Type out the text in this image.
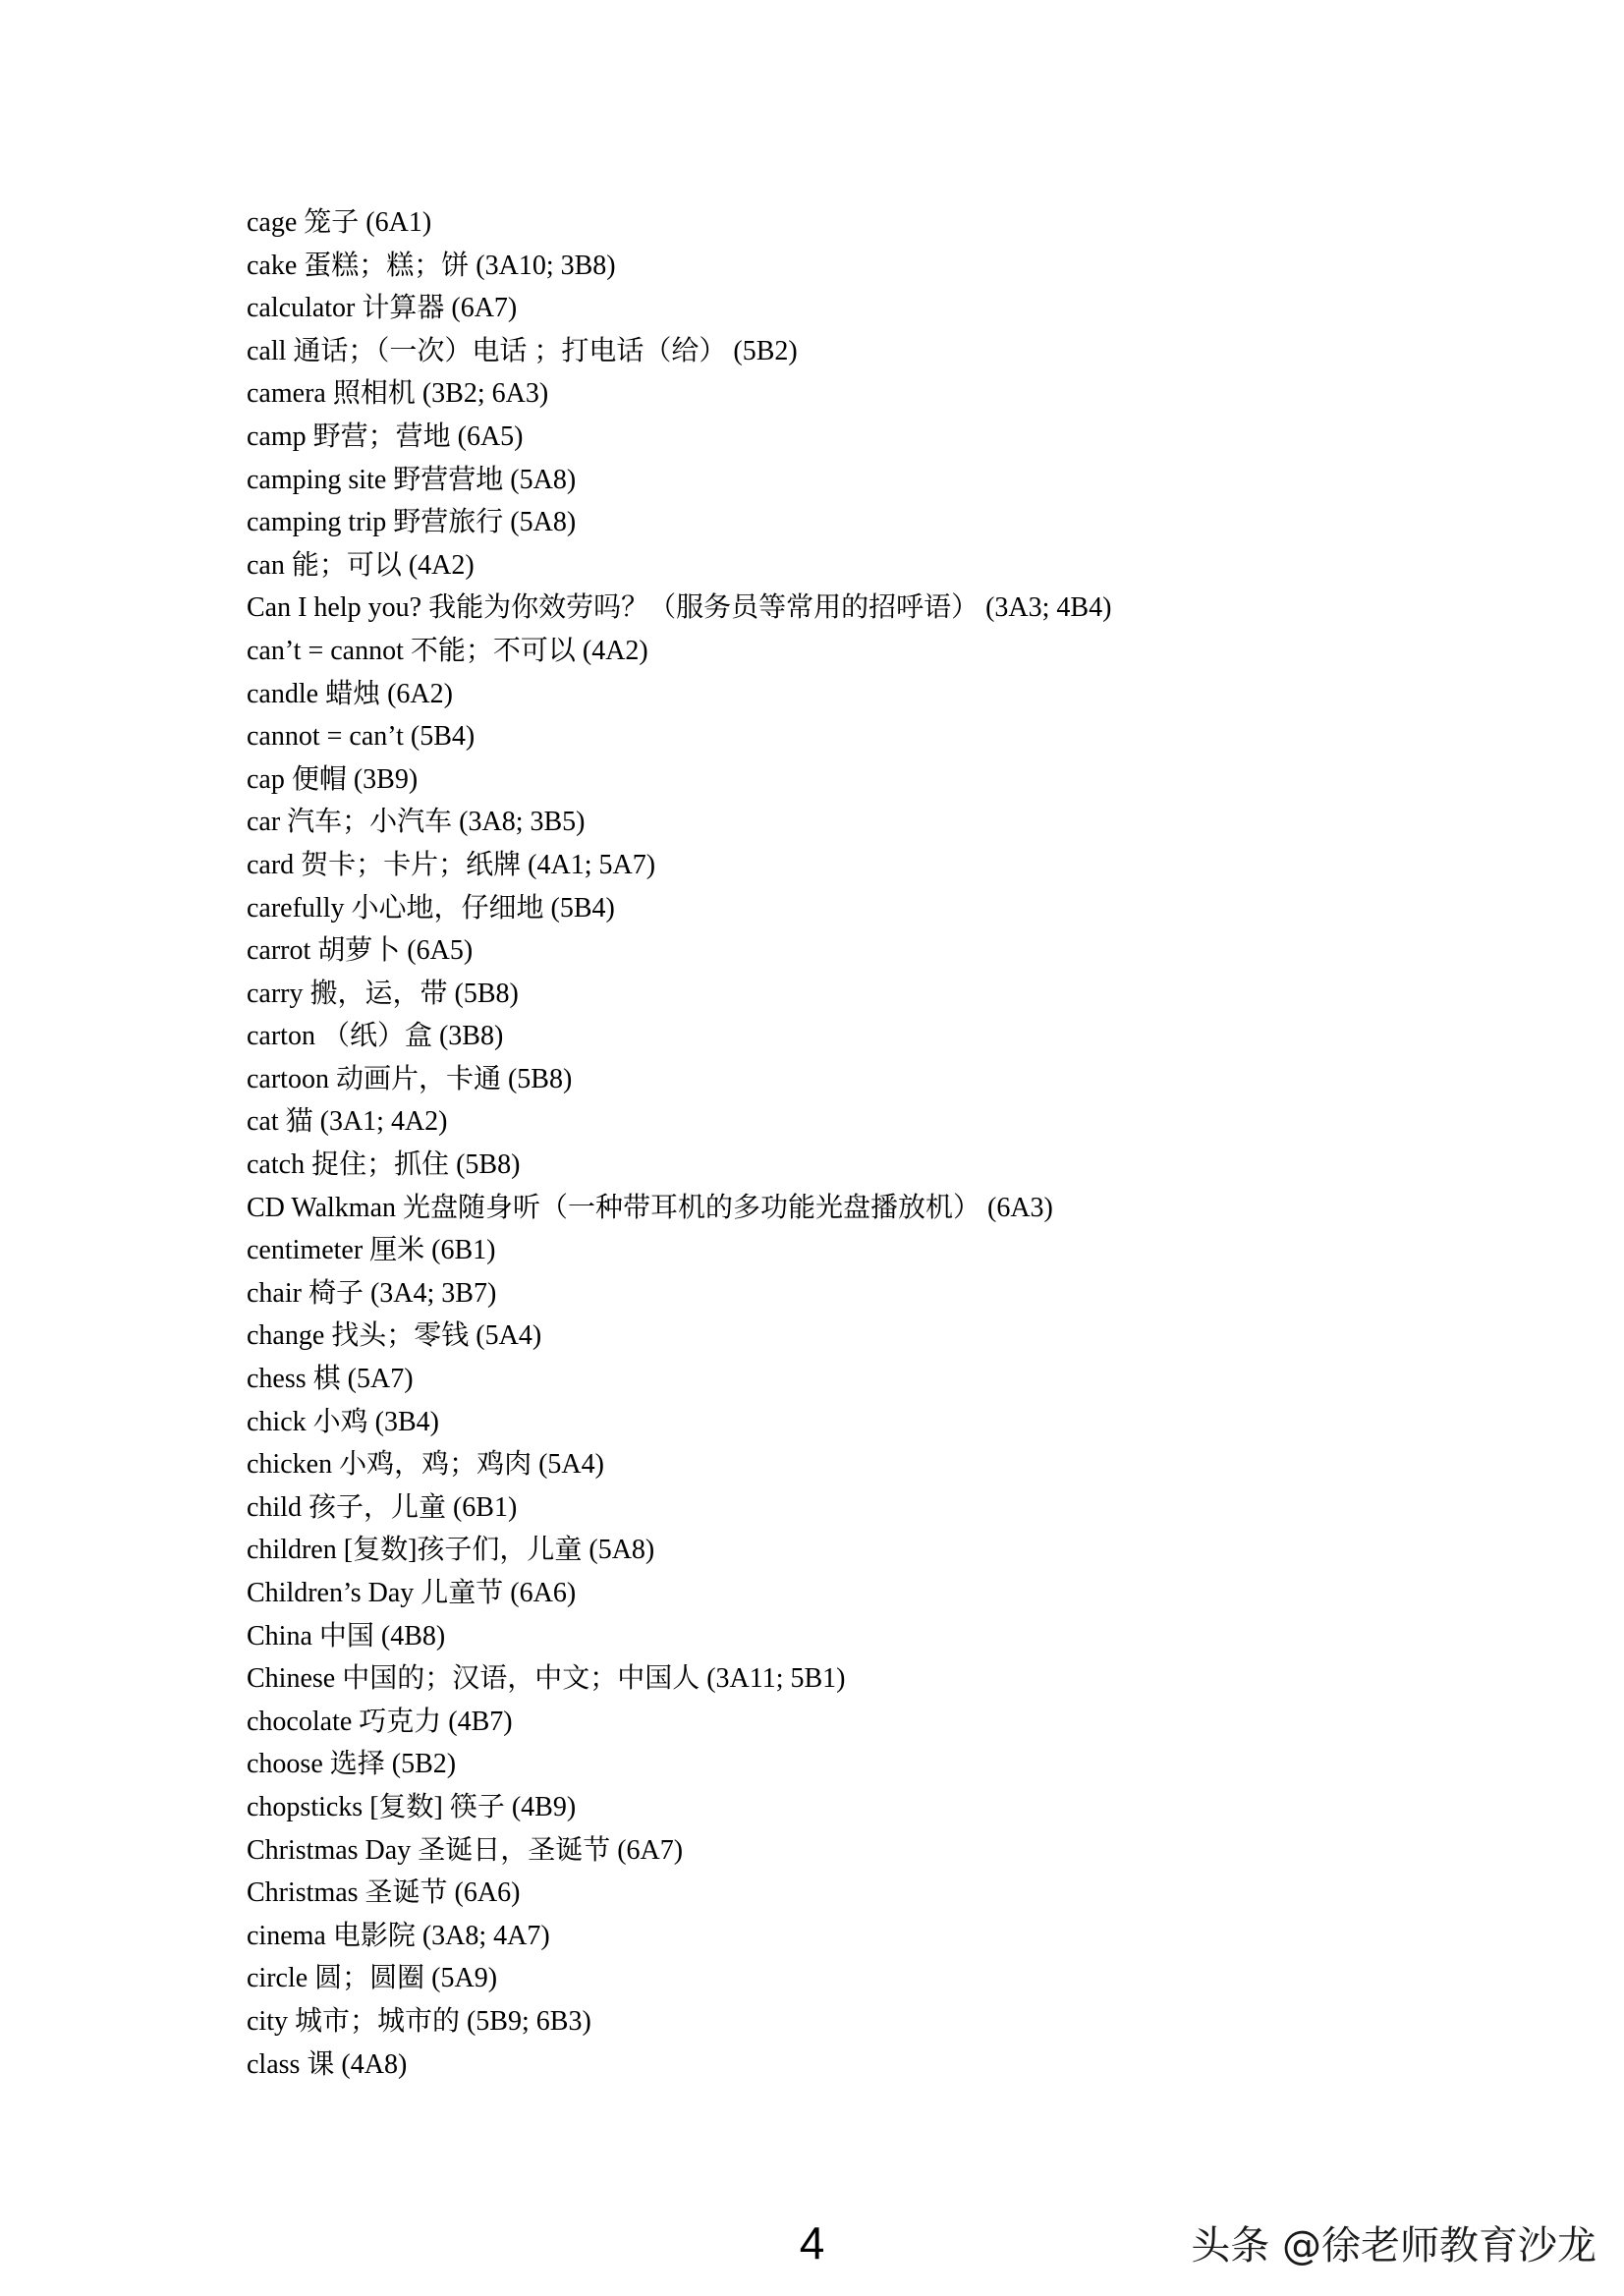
cage 笼子 (6A1)
cake 蛋糕；糕；饼 (3A10; 3B8)
calculator 计算器 (6A7)
call 通话；（一次）电话 ；打电话（给） (5B2)
camera 照相机 (3B2; 6A3)
camp 野营；营地 (6A5)
camping site 野营营地 (5A8)
camping trip 野营旅行 (5A8)
can 能；可以 (4A2)
Can I help you? 我能为你效劳吗？（服务员等常用的招呼语） (3A3; 4B4)
can’t = cannot 不能；不可以 (4A2)
candle 蜡烛 (6A2)
cannot = can’t (5B4)
cap 便帽 (3B9)
car 汽车；小汽车 (3A8; 3B5)
card 贺卡；卡片；纸牌 (4A1; 5A7)
carefully 小心地，仔细地 (5B4)
carrot 胡萝卜 (6A5)
carry 搬，运，带 (5B8)
carton （纸）盒 (3B8)
cartoon 动画片，卡通 (5B8)
cat 猫 (3A1; 4A2)
catch 捉住；抓住 (5B8)
CD Walkman 光盘随身听（一种带耳机的多功能光盘播放机） (6A3)
centimeter 厘米 (6B1)
chair 椅子 (3A4; 3B7)
change 找头；零钱 (5A4)
chess 棋 (5A7)
chick 小鸡 (3B4)
chicken 小鸡，鸡；鸡肉 (5A4)
child 孩子，儿童 (6B1)
children [复数]孩子们，儿童 (5A8)
Children’s Day 儿童节 (6A6)
China 中国 (4B8)
Chinese 中国的；汉语，中文；中国人 (3A11; 5B1)
chocolate 巧克力 (4B7)
choose 选择 (5B2)
chopsticks [复数] 筷子 (4B9)
Christmas Day 圣诞日，圣诞节 (6A7)
Christmas 圣诞节 (6A6)
cinema 电影院 (3A8; 4A7)
circle 圆；圆圈 (5A9)
city 城市；城市的 (5B9; 6B3)
class 课 (4A8)
4	头条 @徐老师教育沙龙
